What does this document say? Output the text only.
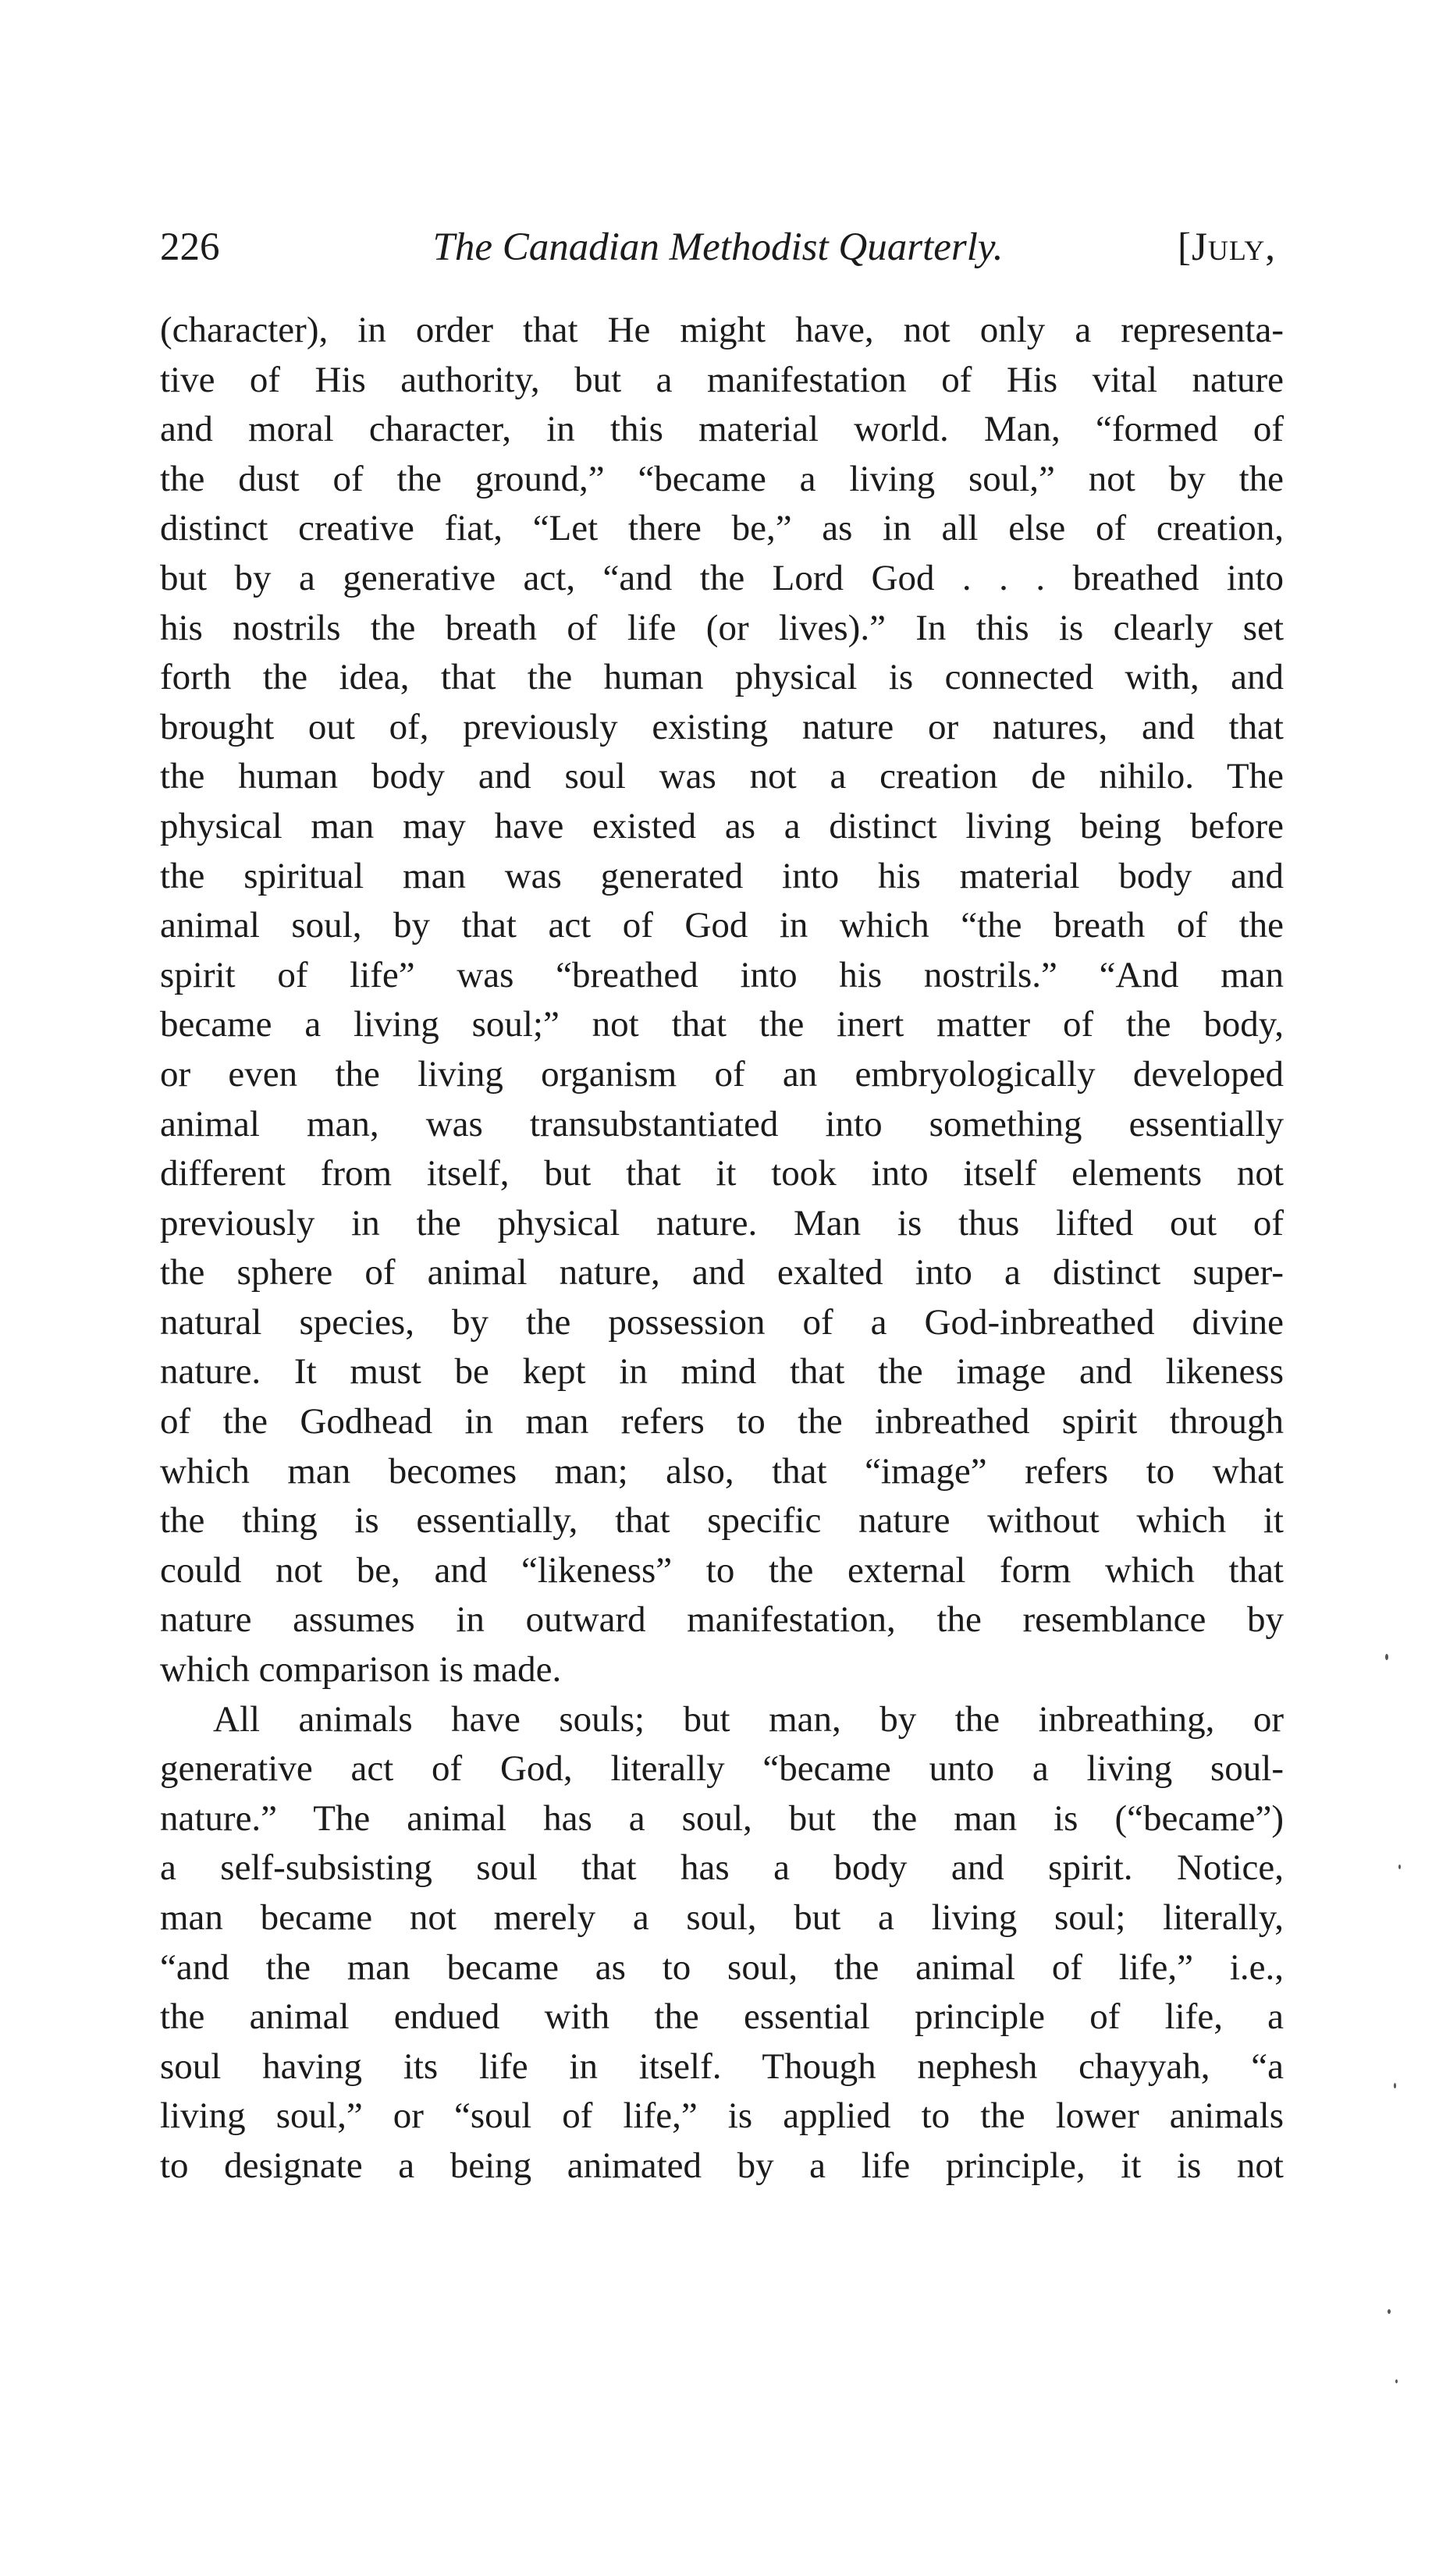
226	The Canadian Methodist Quarterly.	[July,
(character), in order that He might have, not only a representa-
tive of His authority, but a manifestation of His vital nature
and moral character, in this material world. Man, “formed of
the dust of the ground,” “became a living soul,” not by the
distinct creative fiat, “Let there be,” as in all else of creation,
but by a generative act, “and the Lord God . . . breathed into
his nostrils the breath of life (or lives).” In this is clearly set
forth the idea, that the human physical is connected with, and
brought out of, previously existing nature or natures, and that
the human body and soul was not a creation de nihilo. The
physical man may have existed as a distinct living being before
the spiritual man was generated into his material body and
animal soul, by that act of God in which “the breath of the
spirit of life” was “breathed into his nostrils.” “And man
became a living soul;” not that the inert matter of the body,
or even the living organism of an embryologically developed
animal man, was transubstantiated into something essentially
different from itself, but that it took into itself elements not
previously in the physical nature. Man is thus lifted out of
the sphere of animal nature, and exalted into a distinct super-
natural species, by the possession of a God-inbreathed divine
nature. It must be kept in mind that the image and likeness
of the Godhead in man refers to the inbreathed spirit through
which man becomes man; also, that “image” refers to what
the thing is essentially, that specific nature without which it
could not be, and “likeness” to the external form which that
nature assumes in outward manifestation, the resemblance by
which comparison is made.
All animals have souls; but man, by the inbreathing, or
generative act of God, literally “became unto a living soul-
nature.” The animal has a soul, but the man is (“became”)
a self-subsisting soul that has a body and spirit. Notice,
man became not merely a soul, but a living soul; literally,
“and the man became as to soul, the animal of life,” i.e.,
the animal endued with the essential principle of life, a
soul having its life in itself. Though nephesh chayyah, “a
living soul,” or “soul of life,” is applied to the lower animals
to designate a being animated by a life principle, it is not
